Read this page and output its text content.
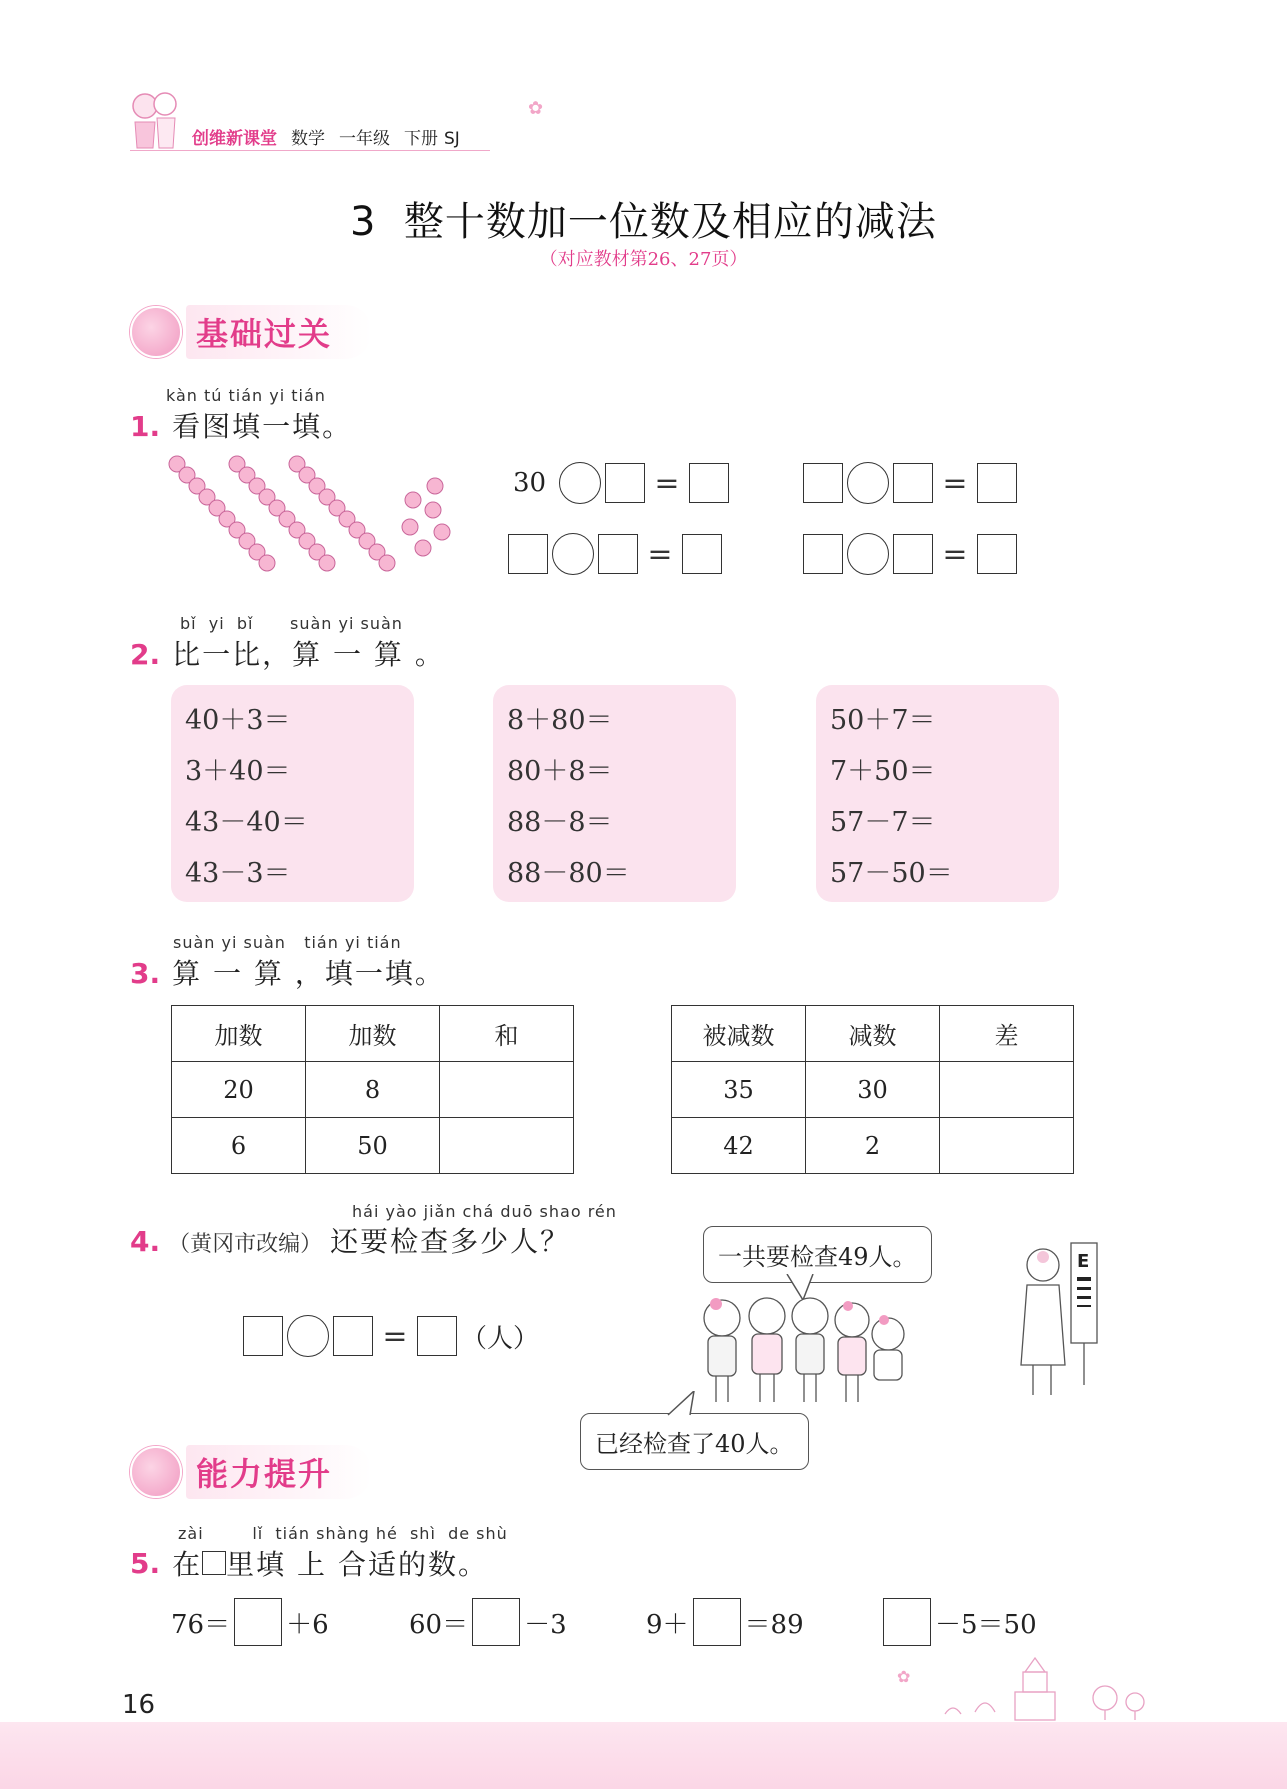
创维新课堂 数学 一年级 下册 SJ
✿
3  整十数加一位数及相应的减法
（对应教材第26、27页）
基础过关
kàn tú tián yi tián
1. 看图填一填。
30	=	=
=	=
bǐ  yi  bǐ      suàn yi suàn
2. 比一比，算 一 算 。
40＋3＝
3＋40＝
43－40＝
43－3＝
8＋80＝
80＋8＝
88－8＝
88－80＝
50＋7＝
7＋50＝
57－7＝
57－50＝
suàn yi suàn   tián yi tián
3. 算 一 算 ，填一填。
加数	加数	和
20	8	
6	50	
被减数	减数	差
35	30	
42	2	
hái yào jiǎn chá duō shao rén
4. （黄冈市改编） 还要检查多少人？
= （人）
一共要检查49人。	E
已经检查了40人。
能力提升
zài        lǐ  tián shàng hé  shì  de shù
5. 在 里填 上 合适的数。
76＝ ＋6	60＝ －3	9＋ ＝89	－5＝50
16
✿
